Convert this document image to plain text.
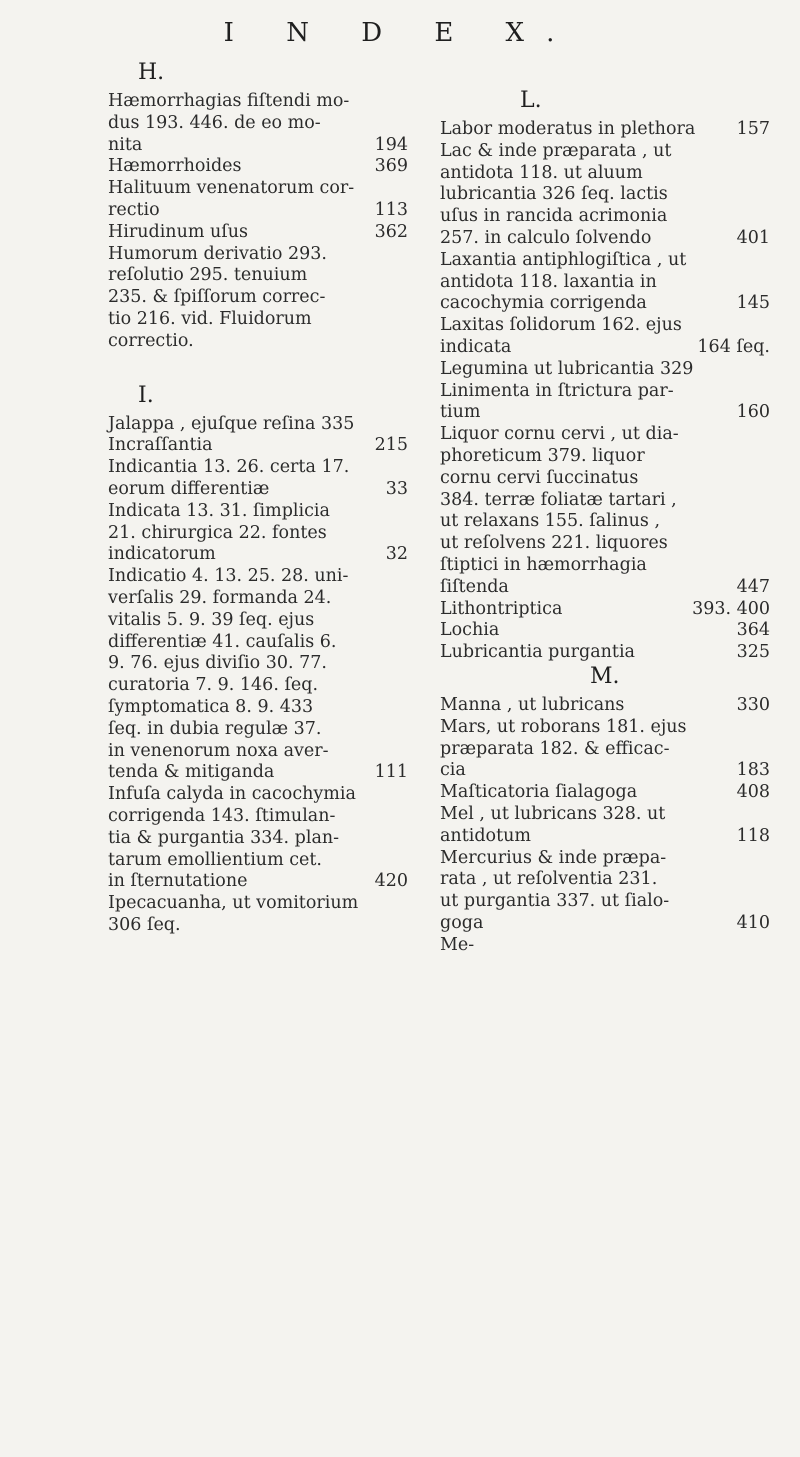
I N D E X.
H.
Hæmorrhagias fiſtendi mo-
dus 193. 446. de eo mo-
194
nita
369
Hæmorrhoides
Halituum venenatorum cor-
113
rectio
362
Hirudinum uſus
Humorum derivatio 293.
reſolutio 295. tenuium
235. & ſpiſſorum correc-
tio 216. vid. Fluidorum
correctio.
I.
Jalappa , ejuſque reſina 335
215
Incraſſantia
Indicantia 13. 26. certa 17.
33
eorum differentiæ
Indicata 13. 31. ſimplicia
21. chirurgica 22. fontes
32
indicatorum
Indicatio 4. 13. 25. 28. uni-
verſalis 29. formanda 24.
vitalis 5. 9. 39 ſeq. ejus
differentiæ 41. cauſalis 6.
9. 76. ejus diviſio 30. 77.
curatoria 7. 9. 146. ſeq.
ſymptomatica 8. 9. 433
ſeq. in dubia regulæ 37.
in venenorum noxa aver-
111
tenda & mitiganda
Infuſa calyda in cacochymia
corrigenda 143. ſtimulan-
tia & purgantia 334. plan-
tarum emollientium cet.
420
in ſternutatione
Ipecacuanha, ut vomitorium
306 ſeq.
L.
157
Labor moderatus in plethora
Lac & inde præparata , ut
antidota 118. ut aluum
lubricantia 326 ſeq. lactis
uſus in rancida acrimonia
401
257. in calculo ſolvendo
Laxantia antiphlogiſtica , ut
antidota 118. laxantia in
145
cacochymia corrigenda
Laxitas ſolidorum 162. ejus
164 ſeq.
indicata
Legumina ut lubricantia 329
Linimenta in ſtrictura par-
160
tium
Liquor cornu cervi , ut dia-
phoreticum 379. liquor
cornu cervi ſuccinatus
384. terræ foliatæ tartari ,
ut relaxans 155. ſalinus ,
ut reſolvens 221. liquores
ſtiptici in hæmorrhagia
447
ſiſtenda
393. 400
Lithontriptica
364
Lochia
325
Lubricantia purgantia
M.
330
Manna , ut lubricans
Mars, ut roborans 181. ejus
præparata 182. & efficac-
183
cia
408
Maſticatoria ſialagoga
Mel , ut lubricans 328. ut
118
antidotum
Mercurius & inde præpa-
rata , ut reſolventia 231.
ut purgantia 337. ut ſialo-
410
goga
Me-
